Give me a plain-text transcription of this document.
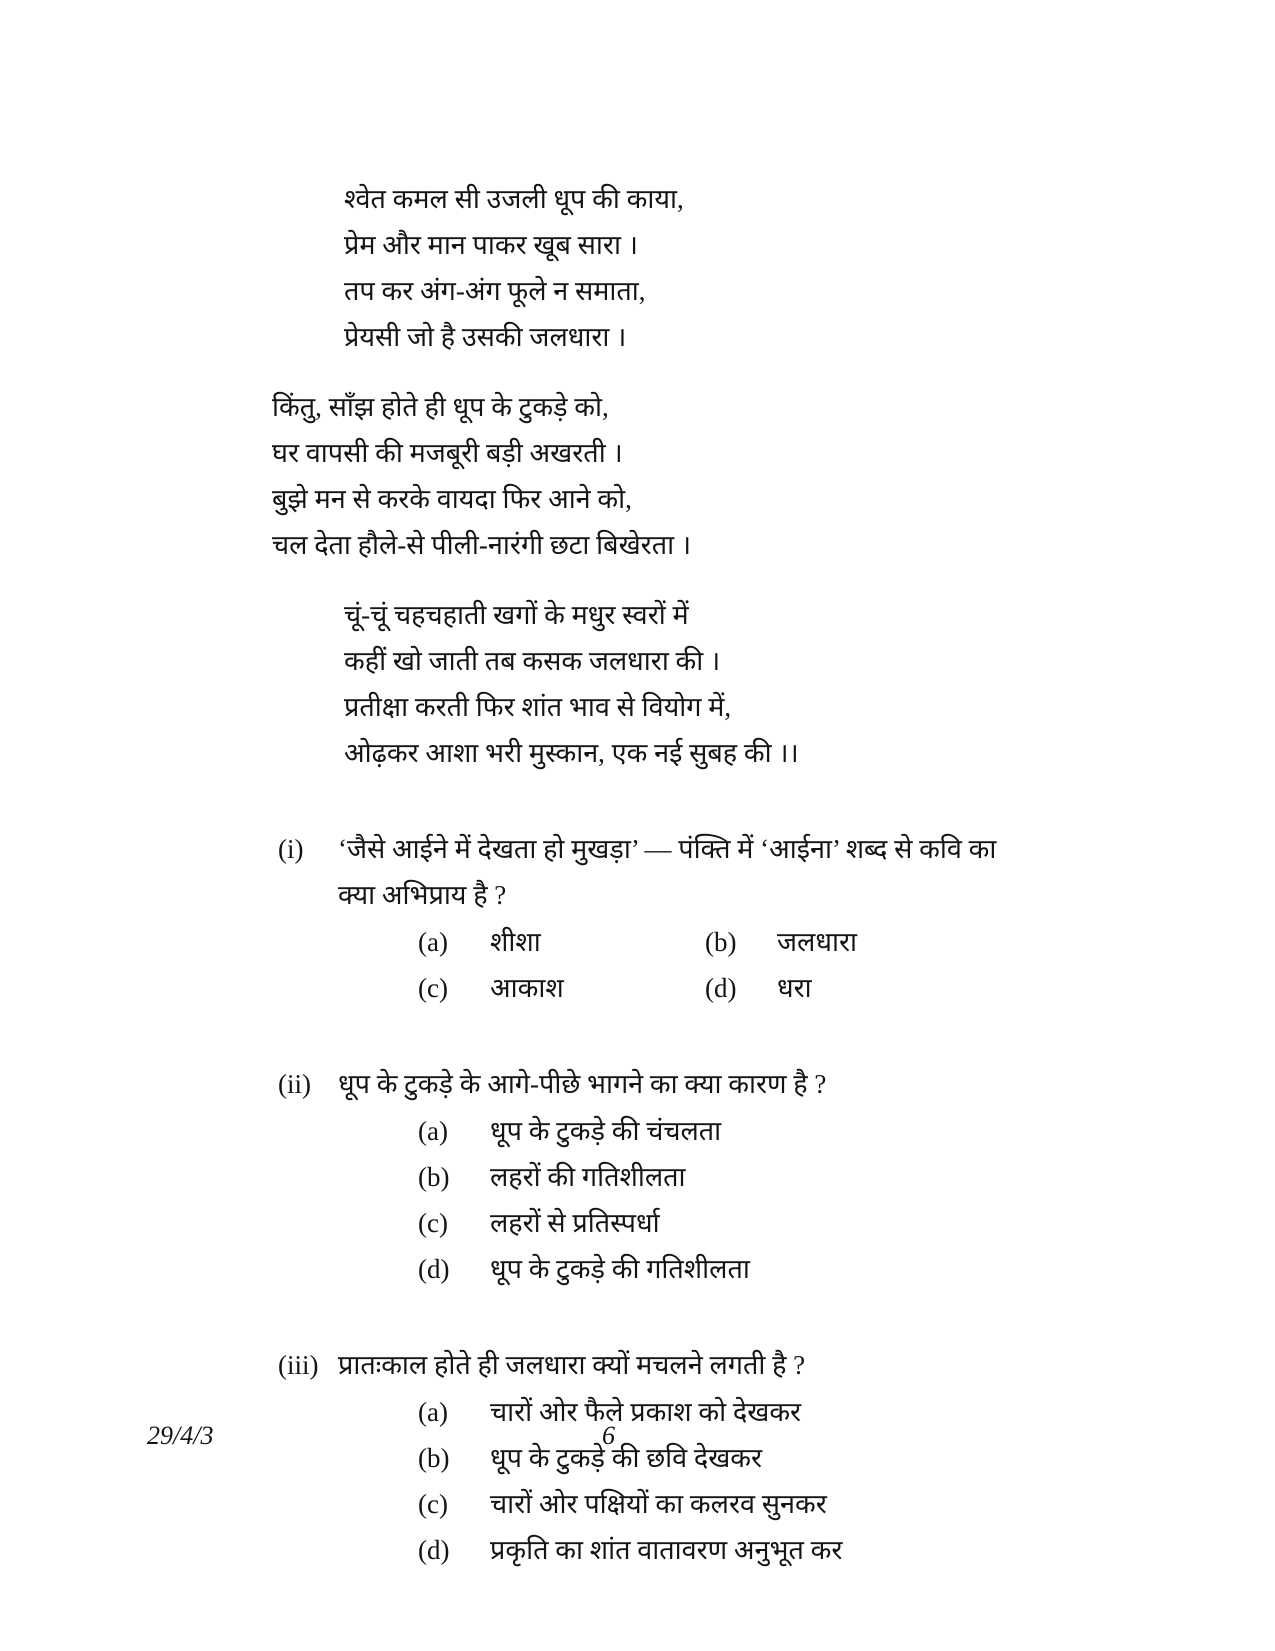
श्वेत कमल सी उजली धूप की काया,

प्रेम और मान पाकर खूब सारा ।

तप कर अंग-अंग फूले न समाता,

प्रेयसी जो है उसकी जलधारा ।

किंतु, साँझ होते ही धूप के टुकड़े को,

घर वापसी की मजबूरी बड़ी अखरती ।

बुझे मन से करके वायदा फिर आने को,

चल देता हौले-से पीली-नारंगी छटा बिखेरता ।

चूं-चूं चहचहाती खगों के मधुर स्वरों में

कहीं खो जाती तब कसक जलधारा की ।

प्रतीक्षा करती फिर शांत भाव से वियोग में,

ओढ़कर आशा भरी मुस्कान, एक नई सुबह की ।।

(i)	‘जैसे आईने में देखता हो मुखड़ा’ — पंक्ति में ‘आईना’ शब्द से कवि का क्या अभिप्राय है ?
(a)	शीशा	(b)	जलधारा
(c)	आकाश	(d)	धरा
(ii)	धूप के टुकड़े के आगे-पीछे भागने का क्या कारण है ?
(a)	धूप के टुकड़े की चंचलता
(b)	लहरों की गतिशीलता
(c)	लहरों से प्रतिस्पर्धा
(d)	धूप के टुकड़े की गतिशीलता
(iii) प्रातःकाल होते ही जलधारा क्यों मचलने लगती है ?
(a)	चारों ओर फैले प्रकाश को देखकर
(b)	धूप के टुकड़े की छवि देखकर
(c)	चारों ओर पक्षियों का कलरव सुनकर
(d)	प्रकृति का शांत वातावरण अनुभूत कर
29/4/3	6
